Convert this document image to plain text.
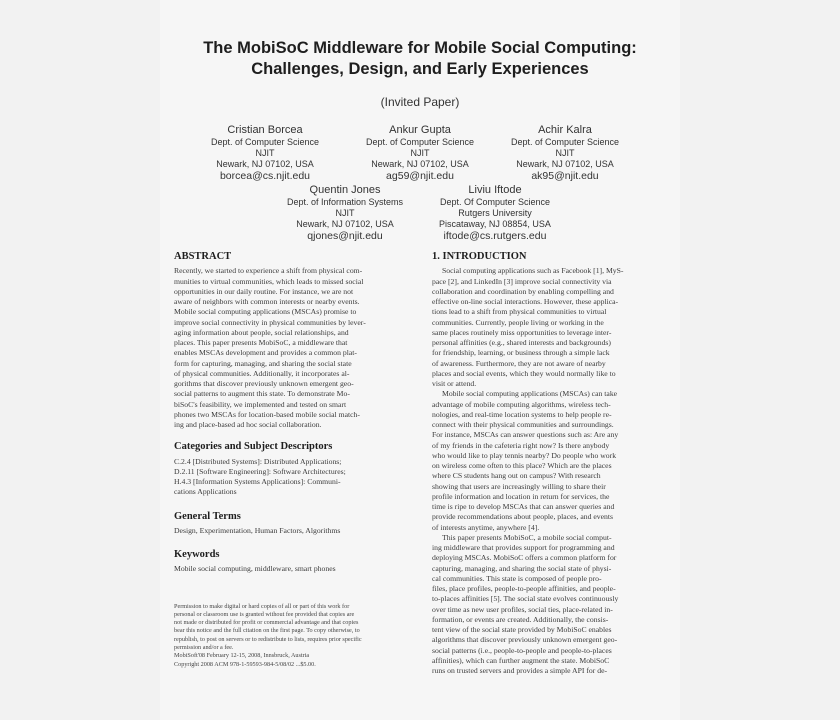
The MobiSoC Middleware for Mobile Social Computing:
Challenges, Design, and Early Experiences
(Invited Paper)
Cristian Borcea
Dept. of Computer Science
NJIT
Newark, NJ 07102, USA
borcea@cs.njit.edu
Ankur Gupta
Dept. of Computer Science
NJIT
Newark, NJ 07102, USA
ag59@njit.edu
Achir Kalra
Dept. of Computer Science
NJIT
Newark, NJ 07102, USA
ak95@njit.edu
Quentin Jones
Dept. of Information Systems
NJIT
Newark, NJ 07102, USA
qjones@njit.edu
Liviu Iftode
Dept. Of Computer Science
Rutgers University
Piscataway, NJ 08854, USA
iftode@cs.rutgers.edu
ABSTRACT

Recently, we started to experience a shift from physical com-

munities to virtual communities, which leads to missed social

opportunities in our daily routine. For instance, we are not

aware of neighbors with common interests or nearby events.

Mobile social computing applications (MSCAs) promise to

improve social connectivity in physical communities by lever-

aging information about people, social relationships, and

places. This paper presents MobiSoC, a middleware that

enables MSCAs development and provides a common plat-

form for capturing, managing, and sharing the social state

of physical communities. Additionally, it incorporates al-

gorithms that discover previously unknown emergent geo-

social patterns to augment this state. To demonstrate Mo-

biSoC's feasibility, we implemented and tested on smart

phones two MSCAs for location-based mobile social match-

ing and place-based ad hoc social collaboration.

Categories and Subject Descriptors

C.2.4 [Distributed Systems]: Distributed Applications;

D.2.11 [Software Engineering]: Software Architectures;

H.4.3 [Information Systems Applications]: Communi-

cations Applications

General Terms

Design, Experimentation, Human Factors, Algorithms

Keywords

Mobile social computing, middleware, smart phones

Permission to make digital or hard copies of all or part of this work for
personal or classroom use is granted without fee provided that copies are
not made or distributed for profit or commercial advantage and that copies
bear this notice and the full citation on the first page. To copy otherwise, to
republish, to post on servers or to redistribute to lists, requires prior specific
permission and/or a fee.
MobiSoft'08 February 12-15, 2008, Innsbruck, Austria
Copyright 2008 ACM 978-1-59593-984-5/08/02 ...$5.00.
1. INTRODUCTION

Social computing applications such as Facebook [1], MyS-

pace [2], and LinkedIn [3] improve social connectivity via

collaboration and coordination by enabling compelling and

effective on-line social interactions. However, these applica-

tions lead to a shift from physical communities to virtual

communities. Currently, people living or working in the

same places routinely miss opportunities to leverage inter-

personal affinities (e.g., shared interests and backgrounds)

for friendship, learning, or business through a simple lack

of awareness. Furthermore, they are not aware of nearby

places and social events, which they would normally like to

visit or attend.

Mobile social computing applications (MSCAs) can take

advantage of mobile computing algorithms, wireless tech-

nologies, and real-time location systems to help people re-

connect with their physical communities and surroundings.

For instance, MSCAs can answer questions such as: Are any

of my friends in the cafeteria right now? Is there anybody

who would like to play tennis nearby? Do people who work

on wireless come often to this place? Which are the places

where CS students hang out on campus? With research

showing that users are increasingly willing to share their

profile information and location in return for services, the

time is ripe to develop MSCAs that can answer queries and

provide recommendations about people, places, and events

of interests anytime, anywhere [4].

This paper presents MobiSoC, a mobile social comput-

ing middleware that provides support for programming and

deploying MSCAs. MobiSoC offers a common platform for

capturing, managing, and sharing the social state of physi-

cal communities. This state is composed of people pro-

files, place profiles, people-to-people affinities, and people-

to-places affinities [5]. The social state evolves continuously

over time as new user profiles, social ties, place-related in-

formation, or events are created. Additionally, the consis-

tent view of the social state provided by MobiSoC enables

algorithms that discover previously unknown emergent geo-

social patterns (i.e., people-to-people and people-to-places

affinities), which can further augment the state. MobiSoC

runs on trusted servers and provides a simple API for de-
